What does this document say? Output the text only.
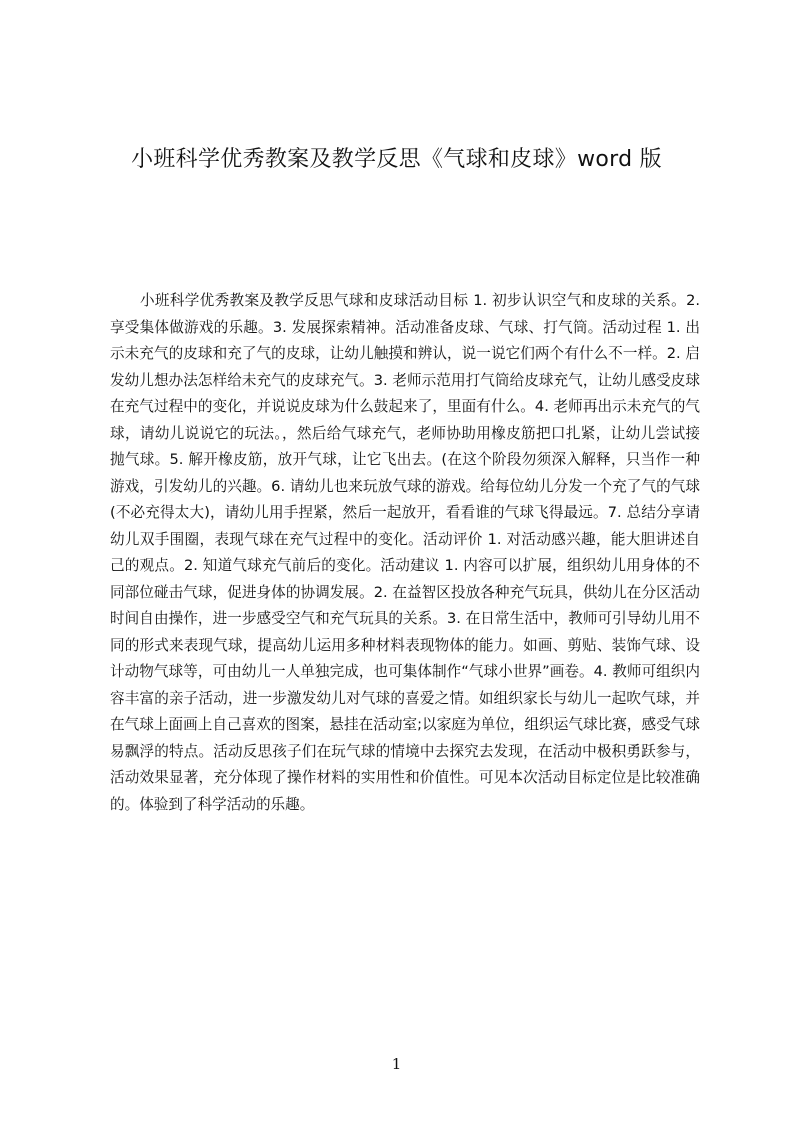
小班科学优秀教案及教学反思《气球和皮球》word 版

小班科学优秀教案及教学反思气球和皮球活动目标 1. 初步认识空气和皮球的关系。2. 享受集体做游戏的乐趣。3. 发展探索精神。活动准备皮球、气球、打气筒。活动过程 1. 出示未充气的皮球和充了气的皮球，让幼儿触摸和辨认，说一说它们两个有什么不一样。2. 启发幼儿想办法怎样给未充气的皮球充气。3. 老师示范用打气筒给皮球充气，让幼儿感受皮球在充气过程中的变化，并说说皮球为什么鼓起来了，里面有什么。4. 老师再出示未充气的气球，请幼儿说说它的玩法。，然后给气球充气，老师协助用橡皮筋把口扎紧，让幼儿尝试接抛气球。5. 解开橡皮筋，放开气球，让它飞出去。(在这个阶段勿须深入解释，只当作一种游戏，引发幼儿的兴趣。6. 请幼儿也来玩放气球的游戏。给每位幼儿分发一个充了气的气球(不必充得太大)，请幼儿用手捏紧，然后一起放开，看看谁的气球飞得最远。7. 总结分享请幼儿双手围圈，表现气球在充气过程中的变化。活动评价 1. 对活动感兴趣，能大胆讲述自己的观点。2. 知道气球充气前后的变化。活动建议 1. 内容可以扩展，组织幼儿用身体的不同部位碰击气球，促进身体的协调发展。2. 在益智区投放各种充气玩具，供幼儿在分区活动时间自由操作，进一步感受空气和充气玩具的关系。3. 在日常生活中，教师可引导幼儿用不同的形式来表现气球，提高幼儿运用多种材料表现物体的能力。如画、剪贴、装饰气球、设计动物气球等，可由幼儿一人单独完成，也可集体制作“气球小世界”画卷。4. 教师可组织内容丰富的亲子活动，进一步激发幼儿对气球的喜爱之情。如组织家长与幼儿一起吹气球，并在气球上面画上自己喜欢的图案，悬挂在活动室;以家庭为单位，组织运气球比赛，感受气球易飘浮的特点。活动反思孩子们在玩气球的情境中去探究去发现，在活动中极积勇跃参与，活动效果显著，充分体现了操作材料的实用性和价值性。可见本次活动目标定位是比较准确的。体验到了科学活动的乐趣。

1
